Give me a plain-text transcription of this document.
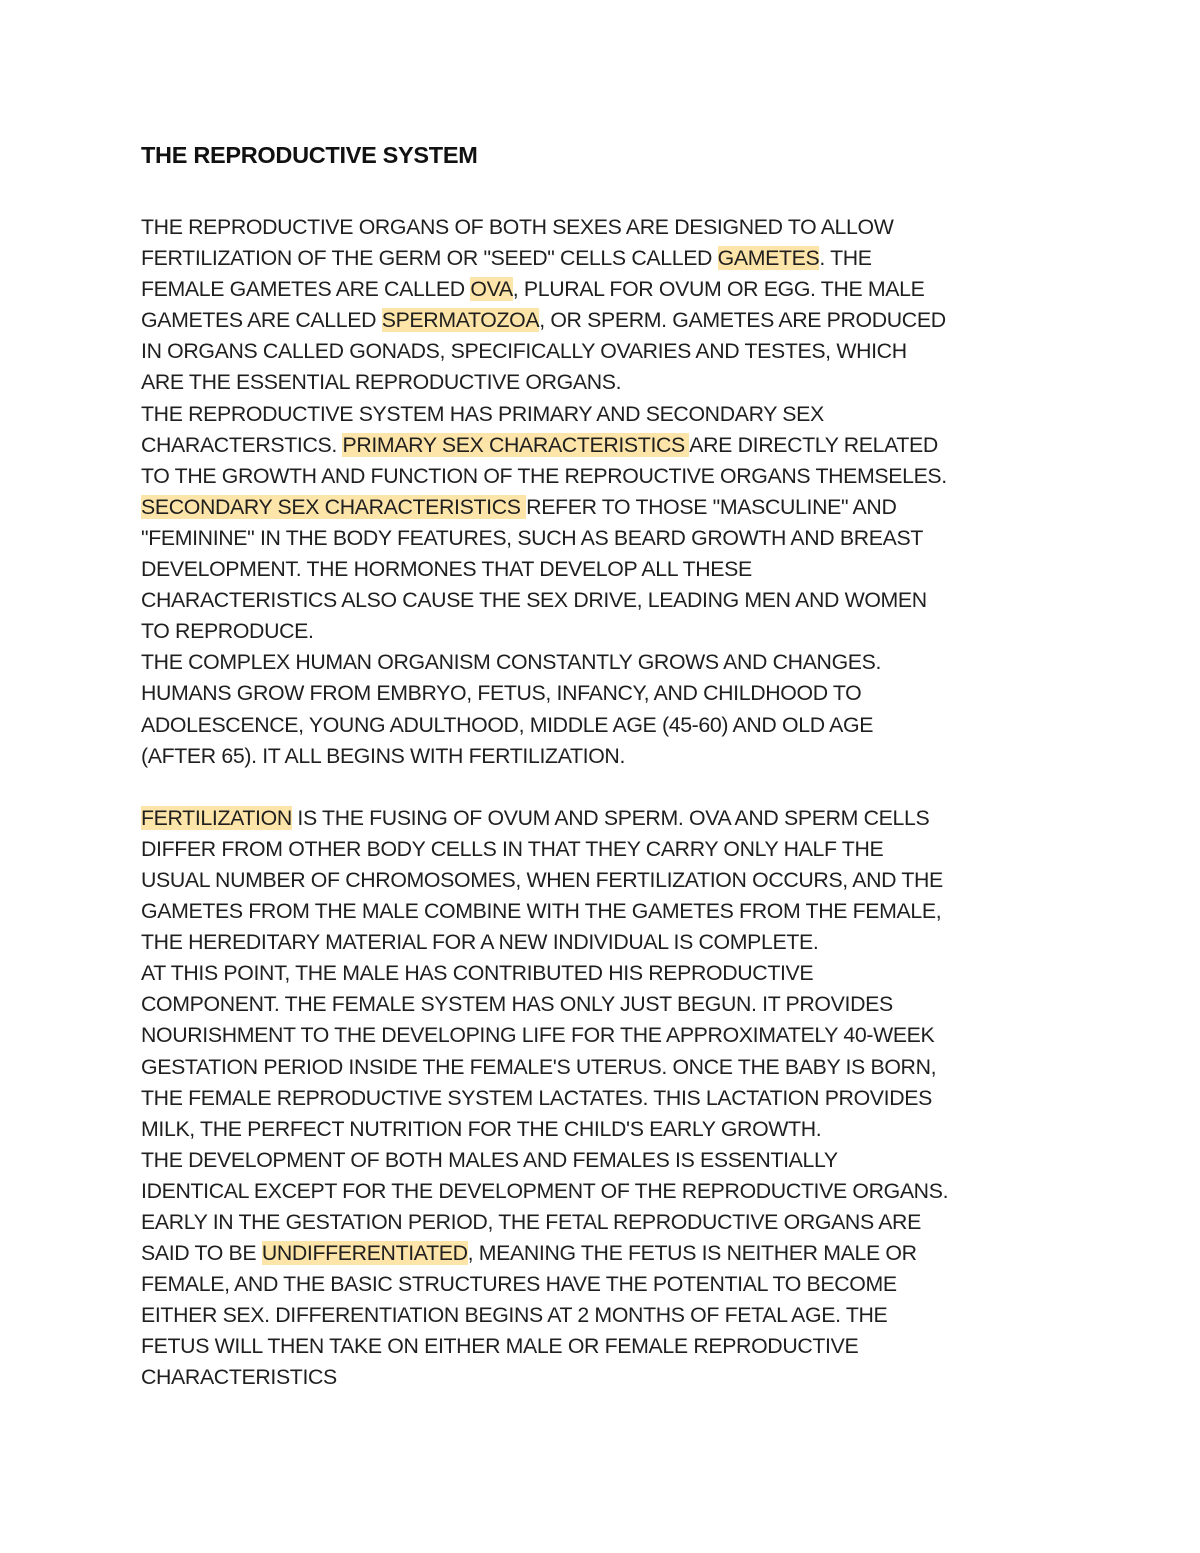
THE REPRODUCTIVE SYSTEM
THE REPRODUCTIVE ORGANS OF BOTH SEXES ARE DESIGNED TO ALLOW
FERTILIZATION OF THE GERM OR "SEED" CELLS CALLED GAMETES. THE
FEMALE GAMETES ARE CALLED OVA, PLURAL FOR OVUM OR EGG. THE MALE
GAMETES ARE CALLED SPERMATOZOA, OR SPERM. GAMETES ARE PRODUCED
IN ORGANS CALLED GONADS, SPECIFICALLY OVARIES AND TESTES, WHICH
ARE THE ESSENTIAL REPRODUCTIVE ORGANS.
THE REPRODUCTIVE SYSTEM HAS PRIMARY AND SECONDARY SEX
CHARACTERSTICS. PRIMARY SEX CHARACTERISTICS ARE DIRECTLY RELATED
TO THE GROWTH AND FUNCTION OF THE REPROUCTIVE ORGANS THEMSELES.
SECONDARY SEX CHARACTERISTICS REFER TO THOSE "MASCULINE" AND
"FEMININE" IN THE BODY FEATURES, SUCH AS BEARD GROWTH AND BREAST
DEVELOPMENT. THE HORMONES THAT DEVELOP ALL THESE
CHARACTERISTICS ALSO CAUSE THE SEX DRIVE, LEADING MEN AND WOMEN
TO REPRODUCE.
THE COMPLEX HUMAN ORGANISM CONSTANTLY GROWS AND CHANGES.
HUMANS GROW FROM EMBRYO, FETUS, INFANCY, AND CHILDHOOD TO
ADOLESCENCE, YOUNG ADULTHOOD, MIDDLE AGE (45-60) AND OLD AGE
(AFTER 65). IT ALL BEGINS WITH FERTILIZATION.
FERTILIZATION IS THE FUSING OF OVUM AND SPERM. OVA AND SPERM CELLS
DIFFER FROM OTHER BODY CELLS IN THAT THEY CARRY ONLY HALF THE
USUAL NUMBER OF CHROMOSOMES, WHEN FERTILIZATION OCCURS, AND THE
GAMETES FROM THE MALE COMBINE WITH THE GAMETES FROM THE FEMALE,
THE HEREDITARY MATERIAL FOR A NEW INDIVIDUAL IS COMPLETE.
AT THIS POINT, THE MALE HAS CONTRIBUTED HIS REPRODUCTIVE
COMPONENT. THE FEMALE SYSTEM HAS ONLY JUST BEGUN. IT PROVIDES
NOURISHMENT TO THE DEVELOPING LIFE FOR THE APPROXIMATELY 40-WEEK
GESTATION PERIOD INSIDE THE FEMALE'S UTERUS. ONCE THE BABY IS BORN,
THE FEMALE REPRODUCTIVE SYSTEM LACTATES. THIS LACTATION PROVIDES
MILK, THE PERFECT NUTRITION FOR THE CHILD'S EARLY GROWTH.
THE DEVELOPMENT OF BOTH MALES AND FEMALES IS ESSENTIALLY
IDENTICAL EXCEPT FOR THE DEVELOPMENT OF THE REPRODUCTIVE ORGANS.
EARLY IN THE GESTATION PERIOD, THE FETAL REPRODUCTIVE ORGANS ARE
SAID TO BE UNDIFFERENTIATED, MEANING THE FETUS IS NEITHER MALE OR
FEMALE, AND THE BASIC STRUCTURES HAVE THE POTENTIAL TO BECOME
EITHER SEX. DIFFERENTIATION BEGINS AT 2 MONTHS OF FETAL AGE. THE
FETUS WILL THEN TAKE ON EITHER MALE OR FEMALE REPRODUCTIVE
CHARACTERISTICS
